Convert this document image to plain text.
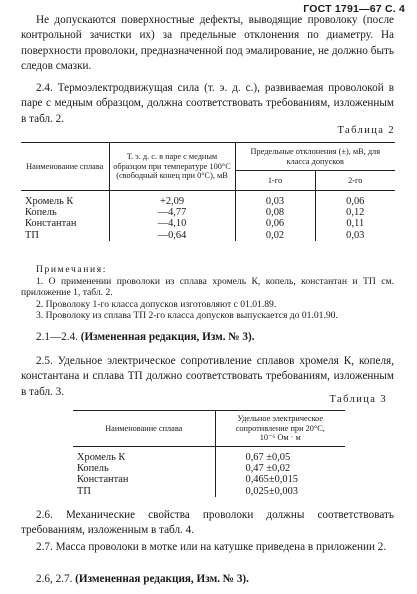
ГОСТ 1791—67 С. 4

Не допускаются поверхностные дефекты, выводящие проволоку (после контрольной зачистки их) за предельные отклонения по диаметру. На поверхности проволоки, предназначенной под эмалирование, не должно быть следов смазки.

2.4. Термоэлектродвижущая сила (т. э. д. с.), развиваемая проволокой в паре с медным образцом, должна соответствовать требованиям, изложенным в табл. 2.

Таблица 2
Наименование сплава	Т. э. д. с. в паре с медным образцом при температуре 100°С (свободный конец при 0°С), мВ	Предельные отклонения (±), мВ, для класса допусков	
		1-го	2-го

Хромель К	+2,09	0,03	0,06
Копель	—4,77	0,08	0,12
Константан	—4,10	0,06	0,11
ТП	—0,64	0,02	0,03

Примечания:

1. О применении проволоки из сплава хромель К, копель, константан и ТП см. приложение 1, табл. 2.

2. Проволоку 1-го класса допусков изготовляют с 01.01.89.

3. Проволоку из сплава ТП 2-го класса допусков выпускается до 01.01.90.

2.1—2.4. (Измененная редакция, Изм. № 3).

2.5. Удельное электрическое сопротивление сплавов хромеля К, копеля, константана и сплава ТП должно соответствовать требованиям, изложенным в табл. 3.

Таблица 3
Наименование сплава	Удельное электрическое сопротивление при 20°С,
10⁻⁶ Ом · м

Хромель К	0,67 ±0,05
Копель	0,47 ±0,02
Константан	0,465±0,015
ТП	0,025±0,003

2.6. Механические свойства проволоки должны соответствовать требованиям, изложенным в табл. 4.

2.7. Масса проволоки в мотке или на катушке приведена в приложении 2.

2.6, 2.7. (Измененная редакция, Изм. № 3).
